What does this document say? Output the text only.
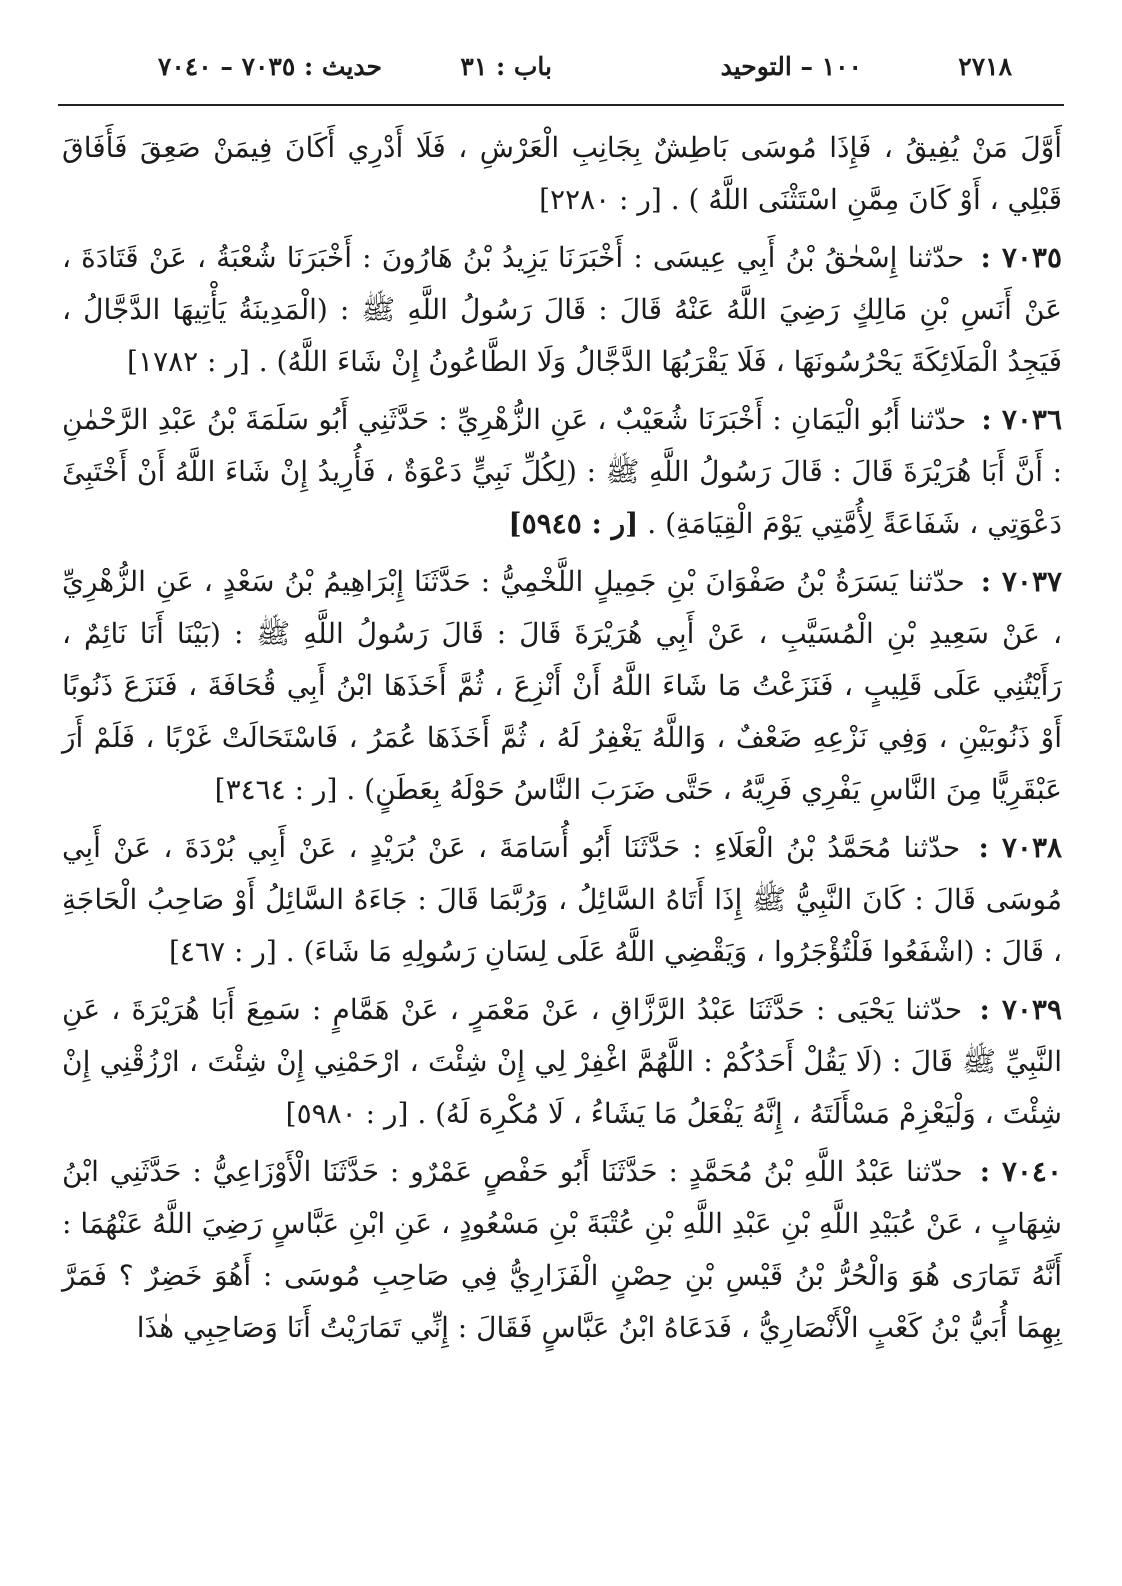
٢٧١٨
١٠٠ – التوحيد
باب : ٣١
حديث : ٧٠٣٥ – ٧٠٤٠

أَوَّلَ مَنْ يُفِيقُ ، فَإِذَا مُوسَى بَاطِشٌ بِجَانِبِ الْعَرْشِ ، فَلَا أَدْرِي أَكَانَ فِيمَنْ صَعِقَ فَأَفَاقَ قَبْلِي ، أَوْ كَانَ مِمَّنِ اسْتَثْنَى اللَّهُ ) . [ر : ٢٢٨٠]

٧٠٣٥ : حدّثنا إِسْحٰقُ بْنُ أَبِي عِيسَى : أَخْبَرَنَا يَزِيدُ بْنُ هَارُونَ : أَخْبَرَنَا شُعْبَةُ ، عَنْ قَتَادَةَ ، عَنْ أَنَسِ بْنِ مَالِكٍ رَضِيَ اللَّهُ عَنْهُ قَالَ : قَالَ رَسُولُ اللَّهِ ﷺ : (الْمَدِينَةُ يَأْتِيهَا الدَّجَّالُ ، فَيَجِدُ الْمَلَائِكَةَ يَحْرُسُونَهَا ، فَلَا يَقْرَبُهَا الدَّجَّالُ وَلَا الطَّاعُونُ إِنْ شَاءَ اللَّهُ) . [ر : ١٧٨٢]

٧٠٣٦ : حدّثنا أَبُو الْيَمَانِ : أَخْبَرَنَا شُعَيْبٌ ، عَنِ الزُّهْرِيِّ : حَدَّثَنِي أَبُو سَلَمَةَ بْنُ عَبْدِ الرَّحْمٰنِ : أَنَّ أَبَا هُرَيْرَةَ قَالَ : قَالَ رَسُولُ اللَّهِ ﷺ : (لِكُلِّ نَبِيٍّ دَعْوَةٌ ، فَأُرِيدُ إِنْ شَاءَ اللَّهُ أَنْ أَخْتَبِئَ دَعْوَتِي ، شَفَاعَةً لِأُمَّتِي يَوْمَ الْقِيَامَةِ) . [ر : ٥٩٤٥]

٧٠٣٧ : حدّثنا يَسَرَةُ بْنُ صَفْوَانَ بْنِ جَمِيلٍ اللَّخْمِيُّ : حَدَّثَنَا إِبْرَاهِيمُ بْنُ سَعْدٍ ، عَنِ الزُّهْرِيِّ ، عَنْ سَعِيدِ بْنِ الْمُسَيَّبِ ، عَنْ أَبِي هُرَيْرَةَ قَالَ : قَالَ رَسُولُ اللَّهِ ﷺ : (بَيْنَا أَنَا نَائِمٌ ، رَأَيْتُنِي عَلَى قَلِيبٍ ، فَنَزَعْتُ مَا شَاءَ اللَّهُ أَنْ أَنْزِعَ ، ثُمَّ أَخَذَهَا ابْنُ أَبِي قُحَافَةَ ، فَنَزَعَ ذَنُوبًا أَوْ ذَنُوبَيْنِ ، وَفِي نَزْعِهِ ضَعْفٌ ، وَاللَّهُ يَغْفِرُ لَهُ ، ثُمَّ أَخَذَهَا عُمَرُ ، فَاسْتَحَالَتْ غَرْبًا ، فَلَمْ أَرَ عَبْقَرِيًّا مِنَ النَّاسِ يَفْرِي فَرِيَّهُ ، حَتَّى ضَرَبَ النَّاسُ حَوْلَهُ بِعَطَنٍ) . [ر : ٣٤٦٤]

٧٠٣٨ : حدّثنا مُحَمَّدُ بْنُ الْعَلَاءِ : حَدَّثَنَا أَبُو أُسَامَةَ ، عَنْ بُرَيْدٍ ، عَنْ أَبِي بُرْدَةَ ، عَنْ أَبِي مُوسَى قَالَ : كَانَ النَّبِيُّ ﷺ إِذَا أَتَاهُ السَّائِلُ ، وَرُبَّمَا قَالَ : جَاءَهُ السَّائِلُ أَوْ صَاحِبُ الْحَاجَةِ ، قَالَ : (اشْفَعُوا فَلْتُؤْجَرُوا ، وَيَقْضِي اللَّهُ عَلَى لِسَانِ رَسُولِهِ مَا شَاءَ) . [ر : ٤٦٧]

٧٠٣٩ : حدّثنا يَحْيَى : حَدَّثَنَا عَبْدُ الرَّزَّاقِ ، عَنْ مَعْمَرٍ ، عَنْ هَمَّامٍ : سَمِعَ أَبَا هُرَيْرَةَ ، عَنِ النَّبِيِّ ﷺ قَالَ : (لَا يَقُلْ أَحَدُكُمْ : اللَّهُمَّ اغْفِرْ لِي إِنْ شِئْتَ ، ارْحَمْنِي إِنْ شِئْتَ ، ارْزُقْنِي إِنْ شِئْتَ ، وَلْيَعْزِمْ مَسْأَلَتَهُ ، إِنَّهُ يَفْعَلُ مَا يَشَاءُ ، لَا مُكْرِهَ لَهُ) . [ر : ٥٩٨٠]

٧٠٤٠ : حدّثنا عَبْدُ اللَّهِ بْنُ مُحَمَّدٍ : حَدَّثَنَا أَبُو حَفْصٍ عَمْرٌو : حَدَّثَنَا الْأَوْزَاعِيُّ : حَدَّثَنِي ابْنُ شِهَابٍ ، عَنْ عُبَيْدِ اللَّهِ بْنِ عَبْدِ اللَّهِ بْنِ عُتْبَةَ بْنِ مَسْعُودٍ ، عَنِ ابْنِ عَبَّاسٍ رَضِيَ اللَّهُ عَنْهُمَا : أَنَّهُ تَمَارَى هُوَ وَالْحُرُّ بْنُ قَيْسِ بْنِ حِصْنٍ الْفَزَارِيُّ فِي صَاحِبِ مُوسَى : أَهُوَ خَضِرٌ ؟ فَمَرَّ بِهِمَا أُبَيُّ بْنُ كَعْبٍ الْأَنْصَارِيُّ ، فَدَعَاهُ ابْنُ عَبَّاسٍ فَقَالَ : إِنِّي تَمَارَيْتُ أَنَا وَصَاحِبِي هٰذَا
